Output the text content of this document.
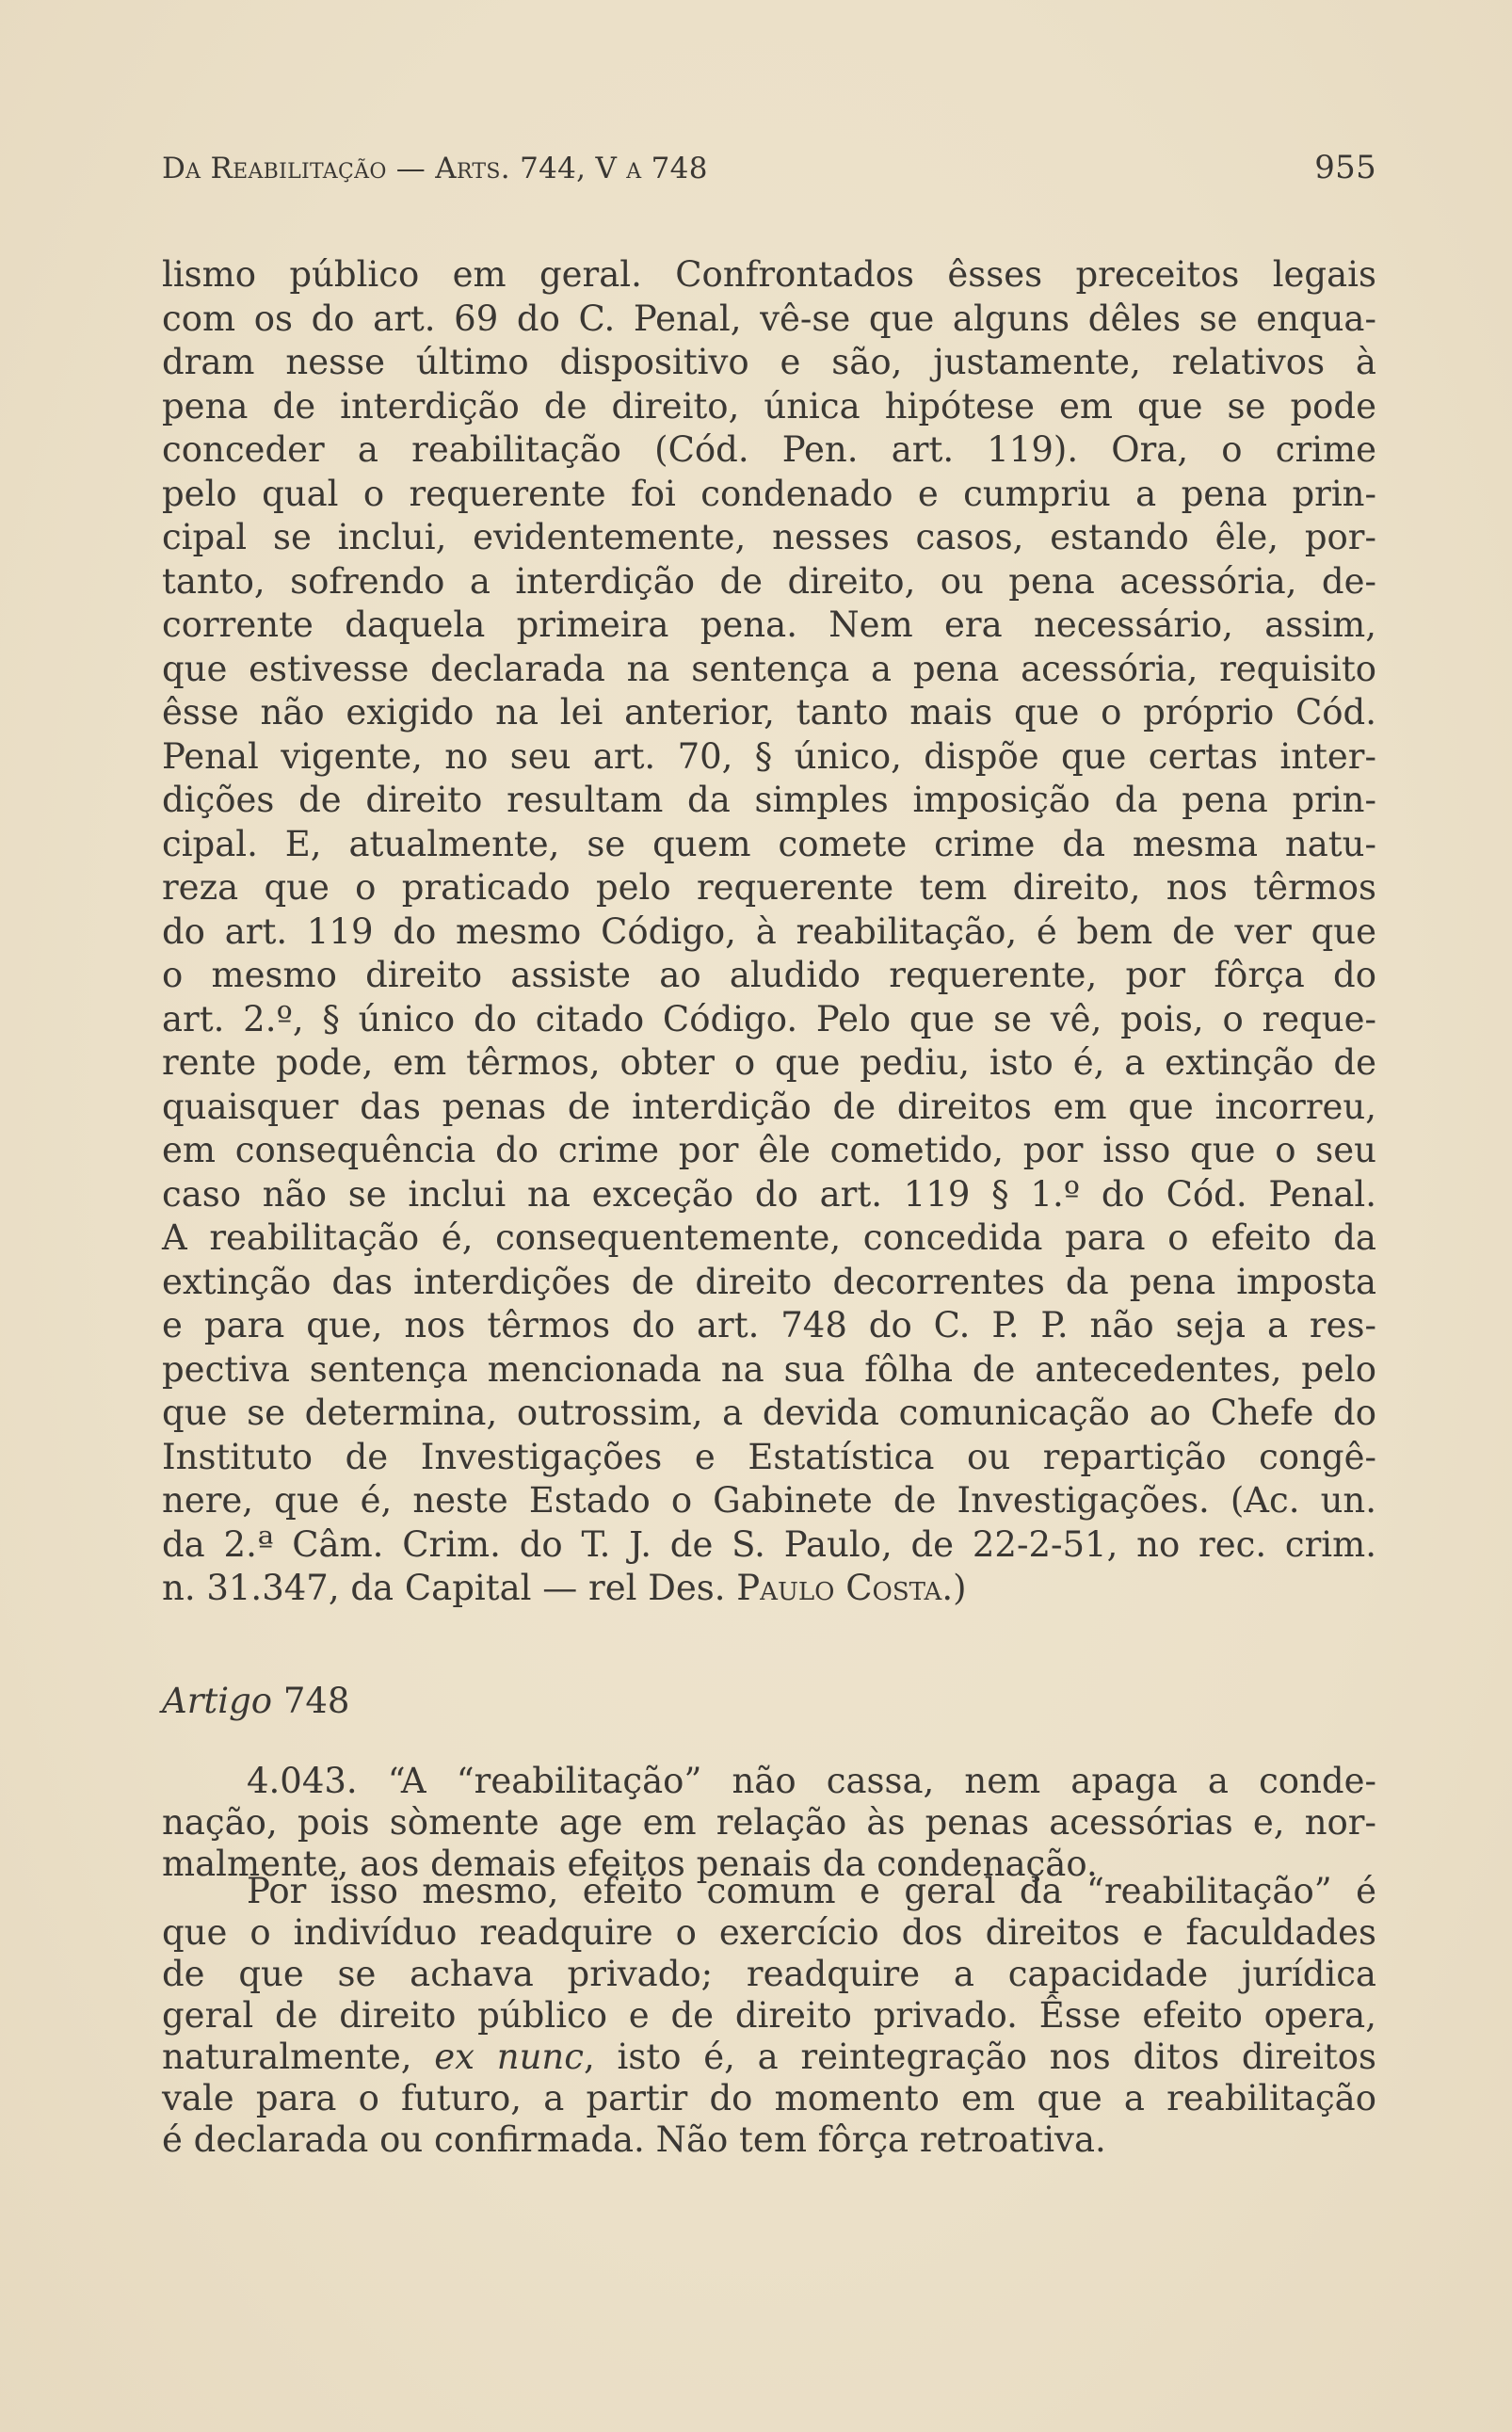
Da Reabilitação — Arts. 744, V a 748	955
lismo público em geral. Confrontados êsses preceitos legais
com os do art. 69 do C. Penal, vê-se que alguns dêles se enqua-
dram nesse último dispositivo e são, justamente, relativos à
pena de interdição de direito, única hipótese em que se pode
conceder a reabilitação (Cód. Pen. art. 119). Ora, o crime
pelo qual o requerente foi condenado e cumpriu a pena prin-
cipal se inclui, evidentemente, nesses casos, estando êle, por-
tanto, sofrendo a interdição de direito, ou pena acessória, de-
corrente daquela primeira pena. Nem era necessário, assim,
que estivesse declarada na sentença a pena acessória, requisito
êsse não exigido na lei anterior, tanto mais que o próprio Cód.
Penal vigente, no seu art. 70, § único, dispõe que certas inter-
dições de direito resultam da simples imposição da pena prin-
cipal. E, atualmente, se quem comete crime da mesma natu-
reza que o praticado pelo requerente tem direito, nos têrmos
do art. 119 do mesmo Código, à reabilitação, é bem de ver que
o mesmo direito assiste ao aludido requerente, por fôrça do
art. 2.º, § único do citado Código. Pelo que se vê, pois, o reque-
rente pode, em têrmos, obter o que pediu, isto é, a extinção de
quaisquer das penas de interdição de direitos em que incorreu,
em consequência do crime por êle cometido, por isso que o seu
caso não se inclui na exceção do art. 119 § 1.º do Cód. Penal.
A reabilitação é, consequentemente, concedida para o efeito da
extinção das interdições de direito decorrentes da pena imposta
e para que, nos têrmos do art. 748 do C. P. P. não seja a res-
pectiva sentença mencionada na sua fôlha de antecedentes, pelo
que se determina, outrossim, a devida comunicação ao Chefe do
Instituto de Investigações e Estatística ou repartição congê-
nere, que é, neste Estado o Gabinete de Investigações. (Ac. un.
da 2.ª Câm. Crim. do T. J. de S. Paulo, de 22-2-51, no rec. crim.
n. 31.347, da Capital — rel Des. Paulo Costa.)
Artigo 748
4.043. “A “reabilitação” não cassa, nem apaga a conde-
nação, pois sòmente age em relação às penas acessórias e, nor-
malmente, aos demais efeitos penais da condenação.
Por isso mesmo, efeito comum e geral da “reabilitação” é
que o indivíduo readquire o exercício dos direitos e faculdades
de que se achava privado; readquire a capacidade jurídica
geral de direito público e de direito privado. Êsse efeito opera,
naturalmente, ex nunc, isto é, a reintegração nos ditos direitos
vale para o futuro, a partir do momento em que a reabilitação
é declarada ou confirmada. Não tem fôrça retroativa.
